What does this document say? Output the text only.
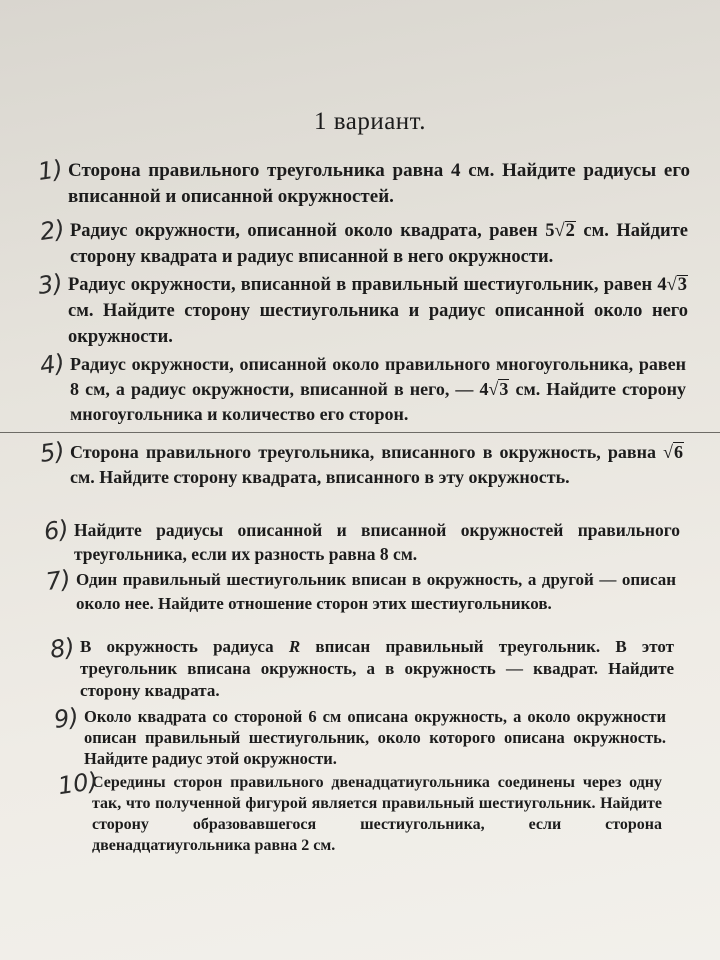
1 вариант.
1) Сторона правильного треугольника равна 4 см. Найдите радиусы его вписанной и описанной окружностей.
2) Радиус окружности, описанной около квадрата, равен 5√2 см. Найдите сторону квадрата и радиус вписанной в него окружности.
3) Радиус окружности, вписанной в правильный шестиугольник, равен 4√3 см. Найдите сторону шестиугольника и радиус описанной около него окружности.
4) Радиус окружности, описанной около правильного многоугольника, равен 8 см, а радиус окружности, вписанной в него, — 4√3 см. Найдите сторону многоугольника и количество его сторон.
5) Сторона правильного треугольника, вписанного в окружность, равна √6 см. Найдите сторону квадрата, вписанного в эту окружность.
6) Найдите радиусы описанной и вписанной окружностей правильного треугольника, если их разность равна 8 см.
7) Один правильный шестиугольник вписан в окружность, а другой — описан около нее. Найдите отношение сторон этих шестиугольников.
8) В окружность радиуса R вписан правильный треугольник. В этот треугольник вписана окружность, а в окружность — квадрат. Найдите сторону квадрата.
9) Около квадрата со стороной 6 см описана окружность, а около окружности описан правильный шестиугольник, около которого описана окружность. Найдите радиус этой окружности.
10)
Середины сторон правильного двенадцатиугольника соединены через одну так, что полученной фигурой является правильный шестиугольник. Найдите сторону образовавшегося шестиугольника, если сторона двенадцатиугольника равна 2 см.
